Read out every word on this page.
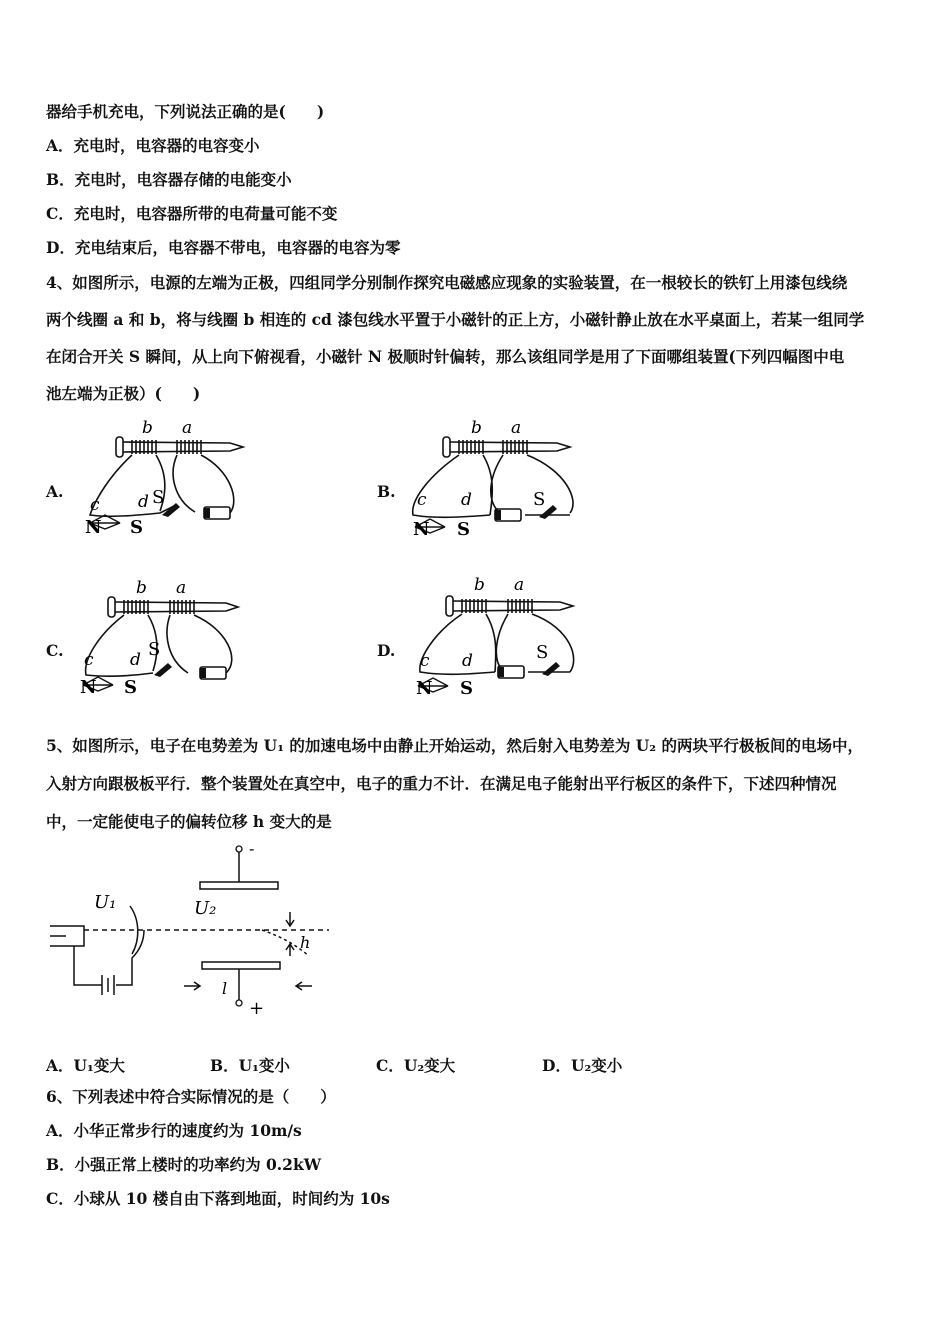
器给手机充电，下列说法正确的是(　　)
A．充电时，电容器的电容变小
B．充电时，电容器存储的电能变小
C．充电时，电容器所带的电荷量可能不变
D．充电结束后，电容器不带电，电容器的电容为零
4、如图所示，电源的左端为正极，四组同学分别制作探究电磁感应现象的实验装置，在一根较长的铁钉上用漆包线绕
两个线圈 a 和 b，将与线圈 b 相连的 cd 漆包线水平置于小磁针的正上方，小磁针静止放在水平桌面上，若某一组同学
在闭合开关 S 瞬间，从上向下俯视看，小磁针 N 极顺时针偏转，那么该组同学是用了下面哪组装置(下列四幅图中电
池左端为正极）(　　)
A.	B.
C.	D.
b a
c d S
N S
b a
c d	S
N S
b a
c d S
N S
b a
c d	S
N S
5、如图所示，电子在电势差为 U₁ 的加速电场中由静止开始运动，然后射入电势差为 U₂ 的两块平行极板间的电场中，
入射方向跟极板平行．整个装置处在真空中，电子的重力不计．在满足电子能射出平行板区的条件下，下述四种情况
中，一定能使电子的偏转位移 h 变大的是
U₁	U₂
h
l
-
+
A．U₁变大	B．U₁变小	C．U₂变大	D．U₂变小
6、下列表述中符合实际情况的是（　　）
A．小华正常步行的速度约为 10m/s
B．小强正常上楼时的功率约为 0.2kW
C．小球从 10 楼自由下落到地面，时间约为 10s
